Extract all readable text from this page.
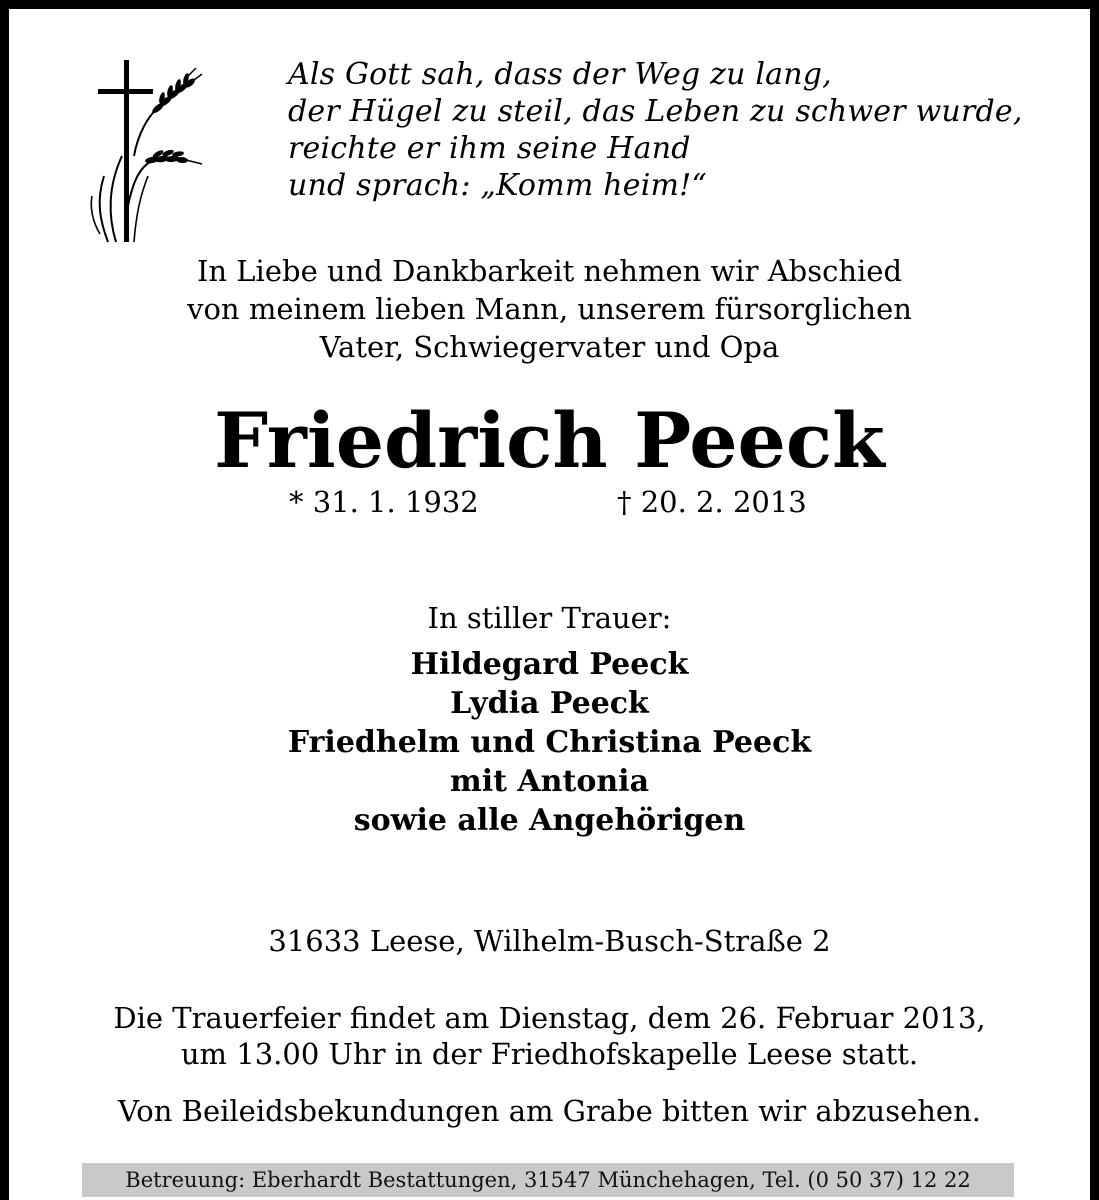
Als Gott sah, dass der Weg zu lang,
der Hügel zu steil, das Leben zu schwer wurde,
reichte er ihm seine Hand
und sprach: „Komm heim!“
In Liebe und Dankbarkeit nehmen wir Abschied
von meinem lieben Mann, unserem fürsorglichen
Vater, Schwiegervater und Opa
Friedrich Peeck
* 31. 1. 1932	† 20. 2. 2013
In stiller Trauer:
Hildegard Peeck
Lydia Peeck
Friedhelm und Christina Peeck
mit Antonia
sowie alle Angehörigen
31633 Leese, Wilhelm-Busch-Straße 2
Die Trauerfeier findet am Dienstag, dem 26. Februar 2013,
um 13.00 Uhr in der Friedhofskapelle Leese statt.
Von Beileidsbekundungen am Grabe bitten wir abzusehen.
Betreuung: Eberhardt Bestattungen, 31547 Münchehagen, Tel. (0 50 37) 12 22
